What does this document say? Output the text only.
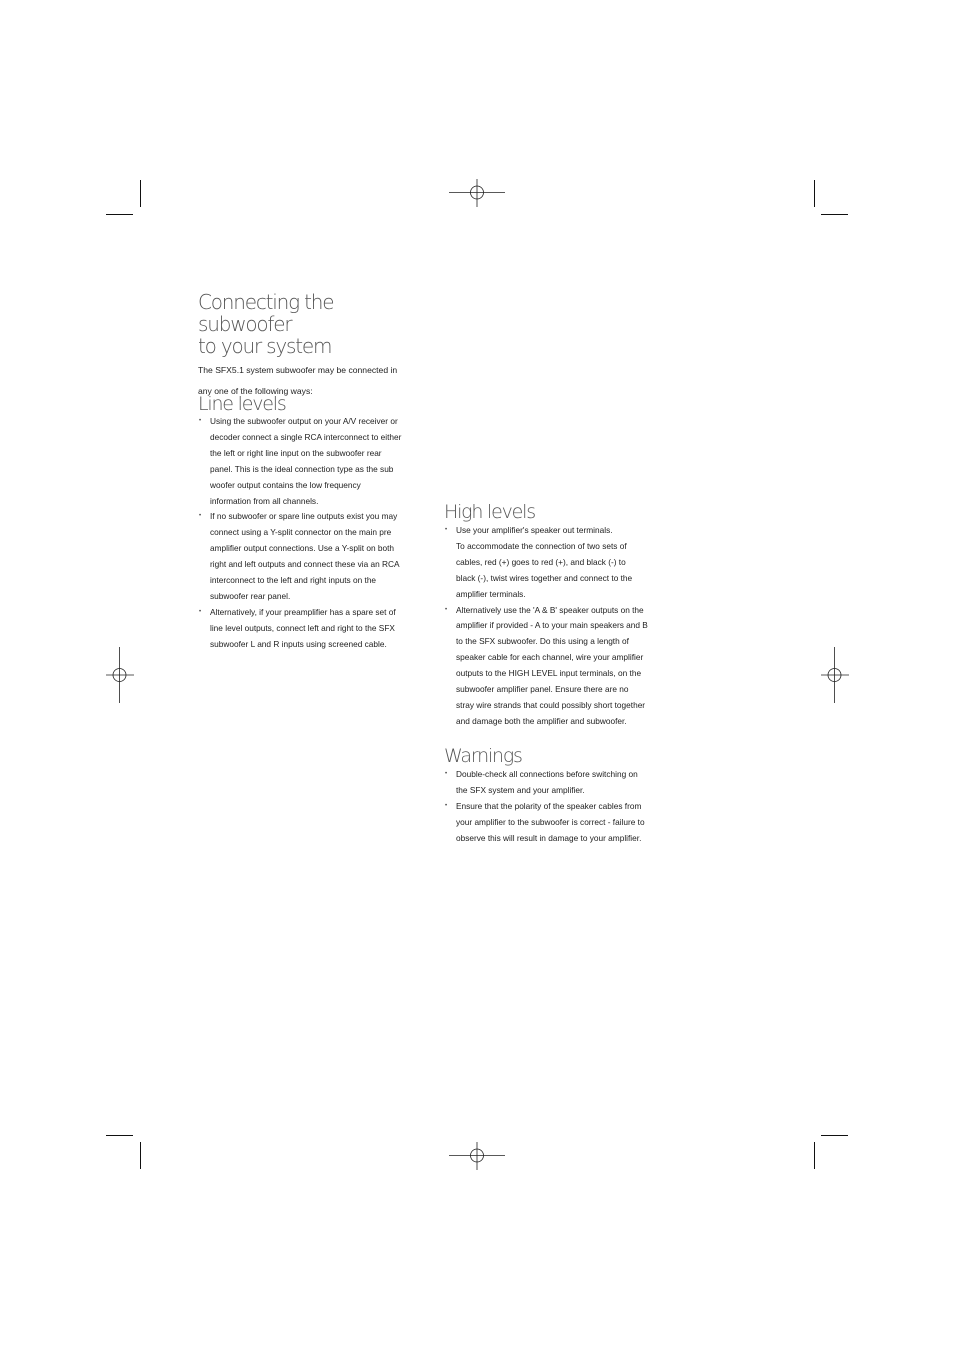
Connecting the subwoofer
to your system

The SFX5.1 system subwoofer may be connected in
any one of the following ways:

Line levels
• Using the subwoofer output on your A/V receiver or
decoder connect a single RCA interconnect to either
the left or right line input on the subwoofer rear
panel. This is the ideal connection type as the sub
woofer output contains the low frequency
information from all channels.
• If no subwoofer or spare line outputs exist you may
connect using a Y-split connector on the main pre
amplifier output connections. Use a Y-split on both
right and left outputs and connect these via an RCA
interconnect to the left and right inputs on the
subwoofer rear panel.
• Alternatively, if your preamplifier has a spare set of
line level outputs, connect left and right to the SFX
subwoofer L and R inputs using screened cable.
High levels
• Use your amplifier's speaker out terminals.
To accommodate the connection of two sets of
cables, red (+) goes to red (+), and black (-) to
black (-), twist wires together and connect to the
amplifier terminals.
• Alternatively use the 'A & B' speaker outputs on the
amplifier if provided - A to your main speakers and B
to the SFX subwoofer. Do this using a length of
speaker cable for each channel, wire your amplifier
outputs to the HIGH LEVEL input terminals, on the
subwoofer amplifier panel. Ensure there are no
stray wire strands that could possibly short together
and damage both the amplifier and subwoofer.
Warnings
• Double-check all connections before switching on
the SFX system and your amplifier.
• Ensure that the polarity of the speaker cables from
your amplifier to the subwoofer is correct - failure to
observe this will result in damage to your amplifier.
